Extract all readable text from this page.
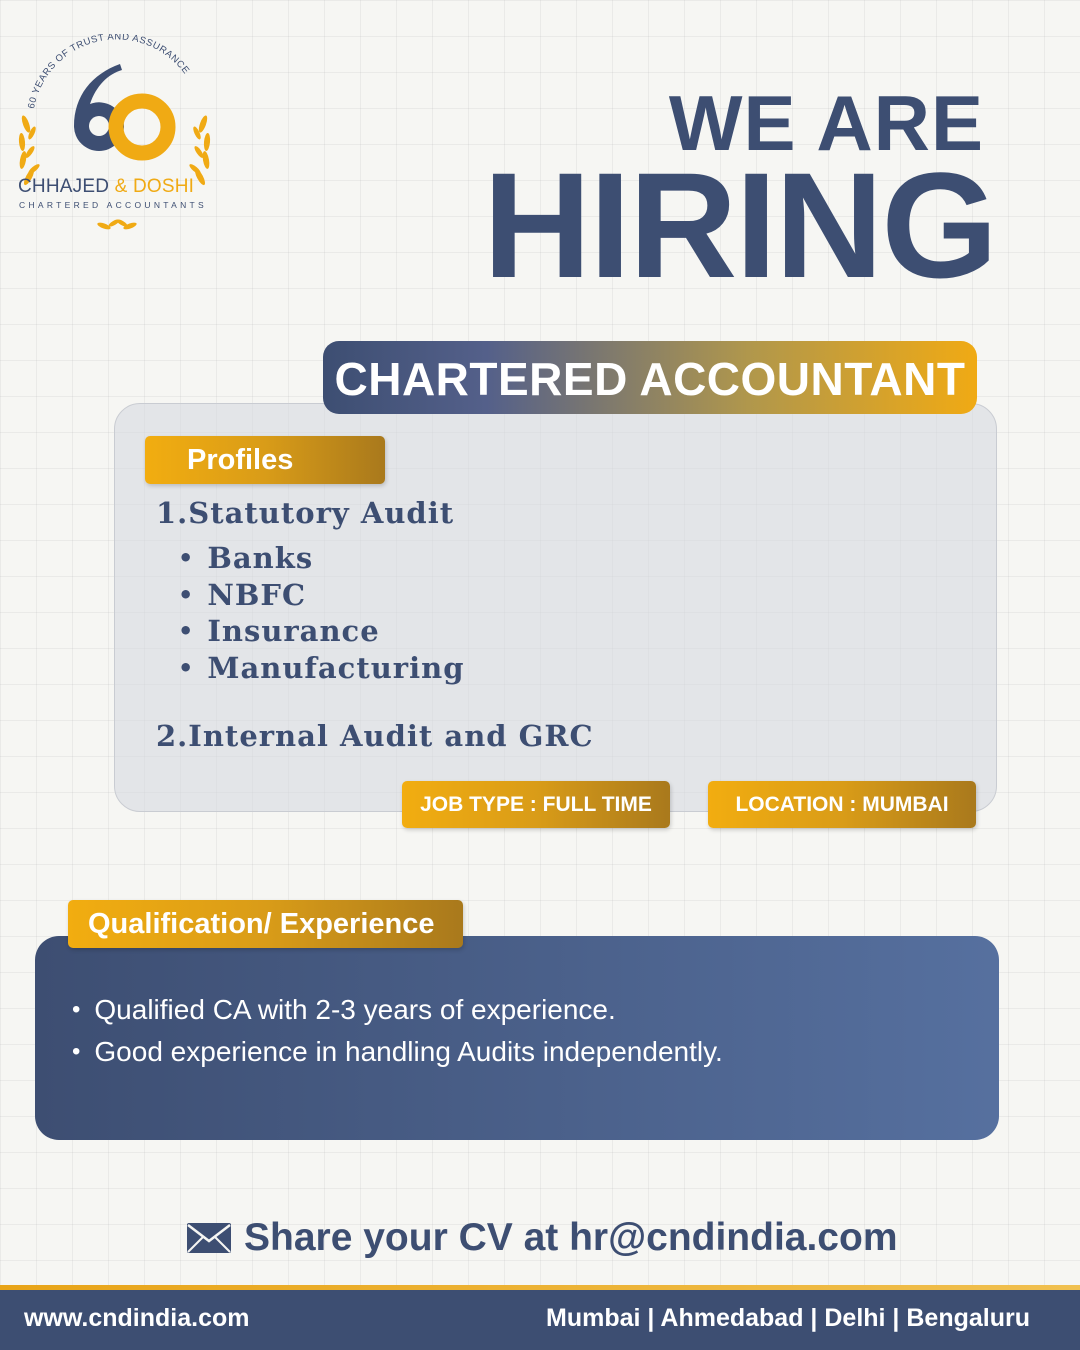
60 YEARS OF TRUST AND ASSURANCE
CHHAJED & DOSHI
CHARTERED ACCOUNTANTS
WE ARE
HIRING
CHARTERED ACCOUNTANT
Profiles
1.Statutory Audit
• Banks
• NBFC
• Insurance
• Manufacturing
2.Internal Audit and GRC
JOB TYPE : FULL TIME	LOCATION : MUMBAI
Qualification/ Experience
• Qualified CA with 2-3 years of experience.
• Good experience in handling Audits independently.
Share your CV at hr@cndindia.com
www.cndindia.com	Mumbai | Ahmedabad | Delhi | Bengaluru
